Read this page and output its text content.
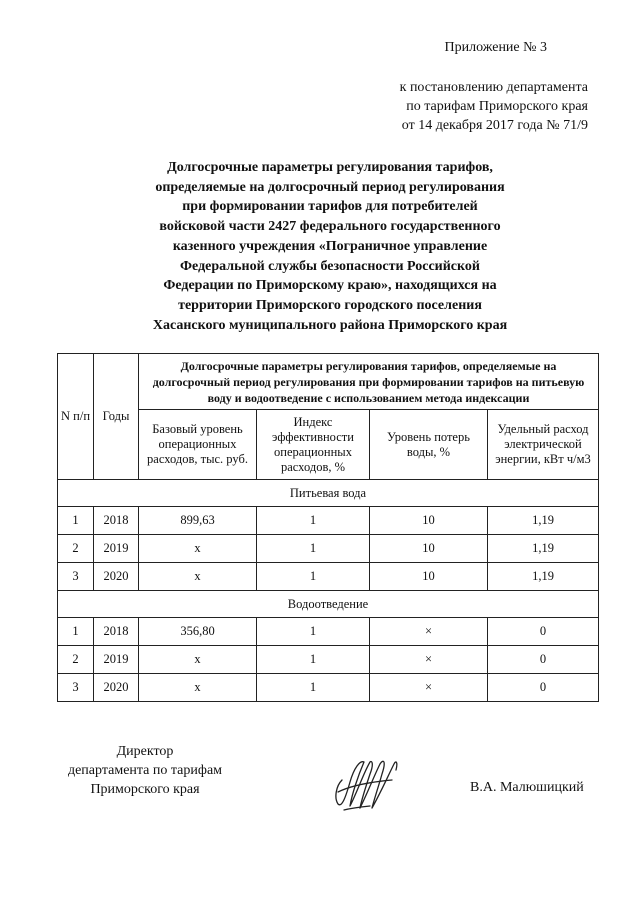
Приложение № 3
к постановлению департамента
по тарифам Приморского края
от 14 декабря 2017 года № 71/9
Долгосрочные параметры регулирования тарифов,
определяемые на долгосрочный период регулирования
при формировании тарифов для потребителей
войсковой части 2427 федерального государственного
казенного учреждения «Пограничное управление
Федеральной службы безопасности Российской
Федерации по Приморскому краю», находящихся на
территории Приморского городского поселения
Хасанского муниципального района Приморского края
N п/п	Годы	Долгосрочные параметры регулирования тарифов, определяемые на долгосрочный период регулирования при формировании тарифов на питьевую воду и водоотведение с использованием метода индексации			
		Базовый уровень операционных расходов, тыс. руб.	Индекс эффективности операционных расходов, %	Уровень потерь воды, %	Удельный расход электрической энергии, кВт ч/м3
Питьевая вода					
1	2018	899,63	1	10	1,19
2	2019	x	1	10	1,19
3	2020	x	1	10	1,19
Водоотведение					
1	2018	356,80	1	×	0
2	2019	x	1	×	0
3	2020	x	1	×	0
Директор
департамента по тарифам
Приморского края	В.А. Малюшицкий
